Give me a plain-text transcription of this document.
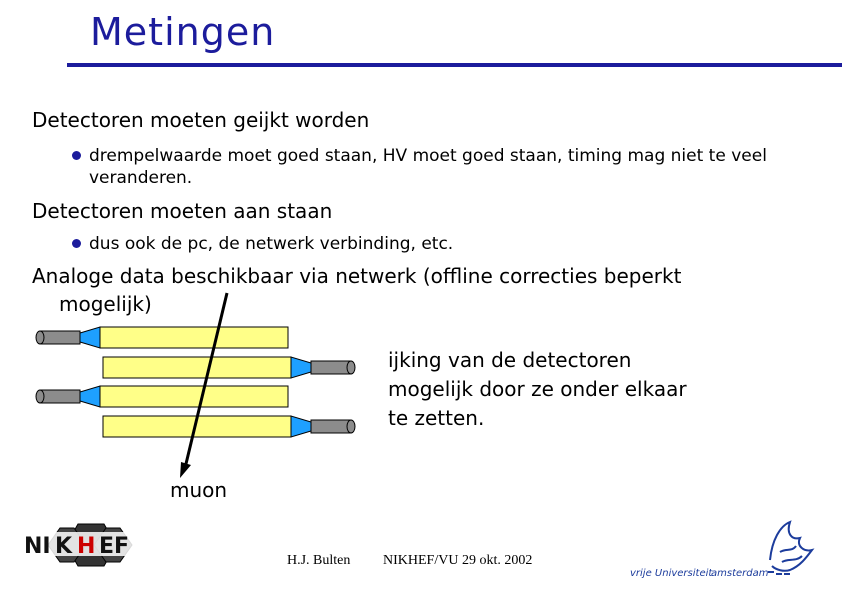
Metingen
Detectoren moeten geijkt worden
drempelwaarde moet goed staan, HV moet goed staan, timing mag niet te veel
veranderen.
Detectoren moeten aan staan
dus ook de pc, de netwerk verbinding, etc.
Analoge data beschikbaar via netwerk (offline correcties beperkt
mogelijk)
NI K H EF
vrije Universiteit
amsterdam
ijking van de detectoren
mogelijk door ze onder elkaar
te zetten.
muon
H.J. Bulten NIKHEF/VU 29 okt. 2002
